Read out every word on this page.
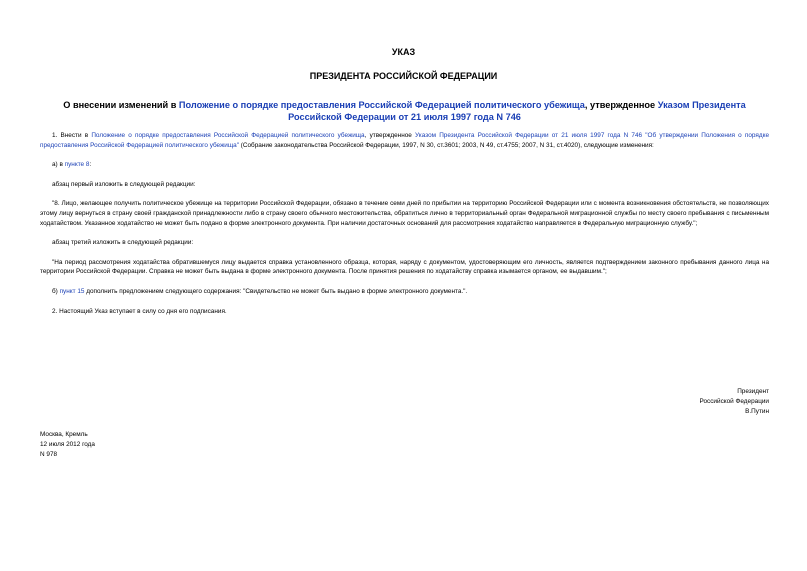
УКАЗ
ПРЕЗИДЕНТА РОССИЙСКОЙ ФЕДЕРАЦИИ
О внесении изменений в Положение о порядке предоставления Российской Федерацией политического убежища, утвержденное Указом Президента Российской Федерации от 21 июля 1997 года N 746

1. Внести в Положение о порядке предоставления Российской Федерацией политического убежища, утвержденное Указом Президента Российской Федерации от 21 июля 1997 года N 746 "Об утверждении Положения о порядке предоставления Российской Федерацией политического убежища" (Собрание законодательства Российской Федерации, 1997, N 30, ст.3601; 2003, N 49, ст.4755; 2007, N 31, ст.4020), следующие изменения:

а) в пункте 8:

абзац первый изложить в следующей редакции:

"8. Лицо, желающее получить политическое убежище на территории Российской Федерации, обязано в течение семи дней по прибытии на территорию Российской Федерации или с момента возникновения обстоятельств, не позволяющих этому лицу вернуться в страну своей гражданской принадлежности либо в страну своего обычного местожительства, обратиться лично в территориальный орган Федеральной миграционной службы по месту своего пребывания с письменным ходатайством. Указанное ходатайство не может быть подано в форме электронного документа. При наличии достаточных оснований для рассмотрения ходатайство направляется в Федеральную миграционную службу.";

абзац третий изложить в следующей редакции:

"На период рассмотрения ходатайства обратившемуся лицу выдается справка установленного образца, которая, наряду с документом, удостоверяющим его личность, является подтверждением законного пребывания данного лица на территории Российской Федерации. Справка не может быть выдана в форме электронного документа. После принятия решения по ходатайству справка изымается органом, ее выдавшим.";

б) пункт 15 дополнить предложением следующего содержания: "Свидетельство не может быть выдано в форме электронного документа.".

2. Настоящий Указ вступает в силу со дня его подписания.

Президент
Российской Федерации
В.Путин
Москва, Кремль
12 июля 2012 года
N 978
